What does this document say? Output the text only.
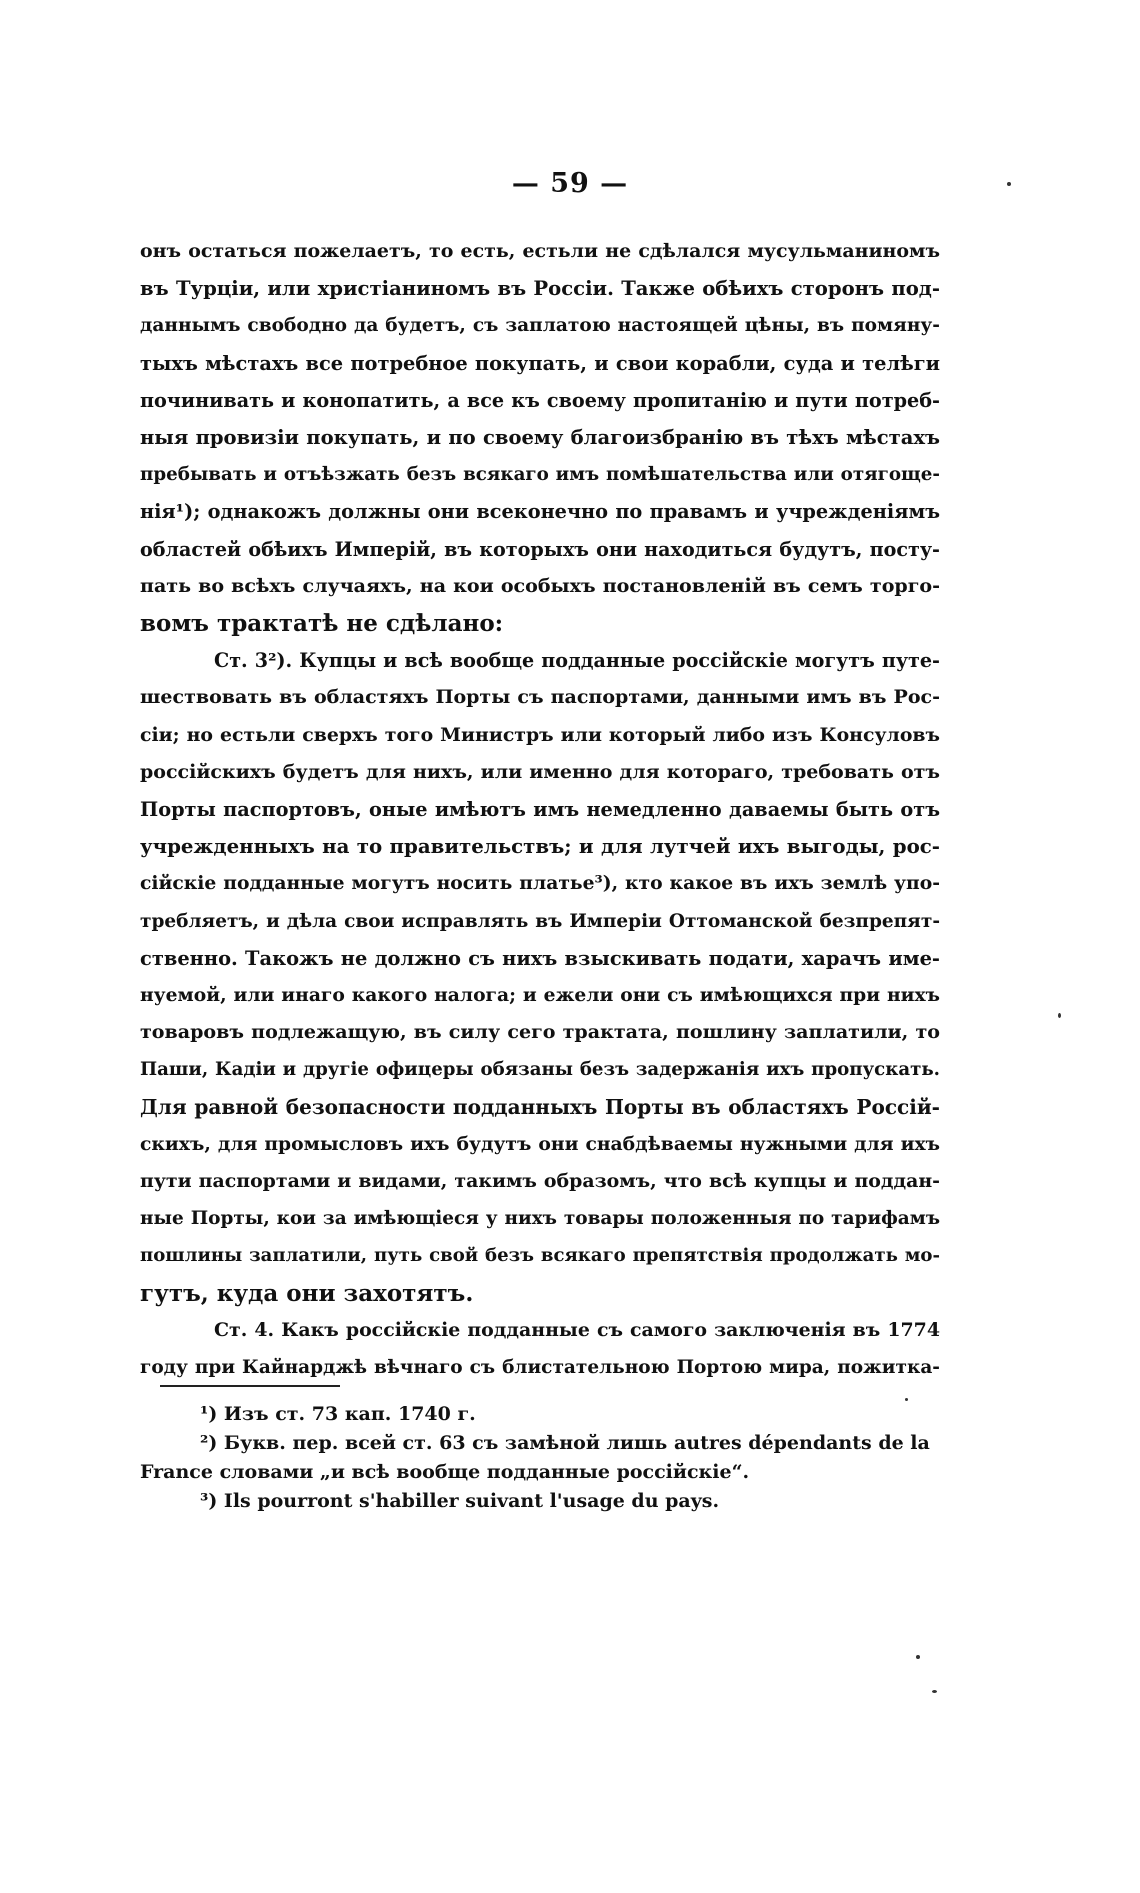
— 59 —

онъ остаться пожелаетъ, то есть, естьли не сдѣлался мусульманиномъ
въ Турціи, или христіаниномъ въ Россіи. Также обѣихъ сторонъ под-
даннымъ свободно да будетъ, съ заплатою настоящей цѣны, въ помяну-
тыхъ мѣстахъ все потребное покупать, и свои корабли, суда и телѣги
починивать и конопатить, а все къ своему пропитанію и пути потреб-
ныя провизіи покупать, и по своему благоизбранію въ тѣхъ мѣстахъ
пребывать и отъѣзжать безъ всякаго имъ помѣшательства или отягоще-
нія¹); однакожъ должны они всеконечно по правамъ и учрежденіямъ
областей обѣихъ Имперій, въ которыхъ они находиться будутъ, посту-
пать во всѣхъ случаяхъ, на кои особыхъ постановленій въ семъ торго-
вомъ трактатѣ не сдѣлано:

Ст. 3²). Купцы и всѣ вообще подданные россійскіе могутъ путе-
шествовать въ областяхъ Порты съ паспортами, данными имъ въ Рос-
сіи; но естьли сверхъ того Министръ или который либо изъ Консуловъ
россійскихъ будетъ для нихъ, или именно для котораго, требовать отъ
Порты паспортовъ, оные имѣютъ имъ немедленно даваемы быть отъ
учрежденныхъ на то правительствъ; и для лутчей ихъ выгоды, рос-
сійскіе подданные могутъ носить платье³), кто какое въ ихъ землѣ упо-
требляетъ, и дѣла свои исправлять въ Имперіи Оттоманской безпрепят-
ственно. Такожъ не должно съ нихъ взыскивать подати, харачъ име-
нуемой, или инаго какого налога; и ежели они съ имѣющихся при нихъ
товаровъ подлежащую, въ силу сего трактата, пошлину заплатили, то
Паши, Кадіи и другіе офицеры обязаны безъ задержанія ихъ пропускать.
Для равной безопасности подданныхъ Порты въ областяхъ Россій-
скихъ, для промысловъ ихъ будутъ они снабдѣваемы нужными для ихъ
пути паспортами и видами, такимъ образомъ, что всѣ купцы и поддан-
ные Порты, кои за имѣющіеся у нихъ товары положенныя по тарифамъ
пошлины заплатили, путь свой безъ всякаго препятствія продолжать мо-
гутъ, куда они захотятъ.

Ст. 4. Какъ россійскіе подданные съ самого заключенія въ 1774
году при Кайнарджѣ вѣчнаго съ блистательною Портою мира, пожитка-

¹) Изъ ст. 73 кап. 1740 г.
²) Букв. пер. всей ст. 63 съ замѣной лишь autres dépendants de la
France словами „и всѣ вообще подданные россійскіе“.
³) Ils pourront s'habiller suivant l'usage du pays.
